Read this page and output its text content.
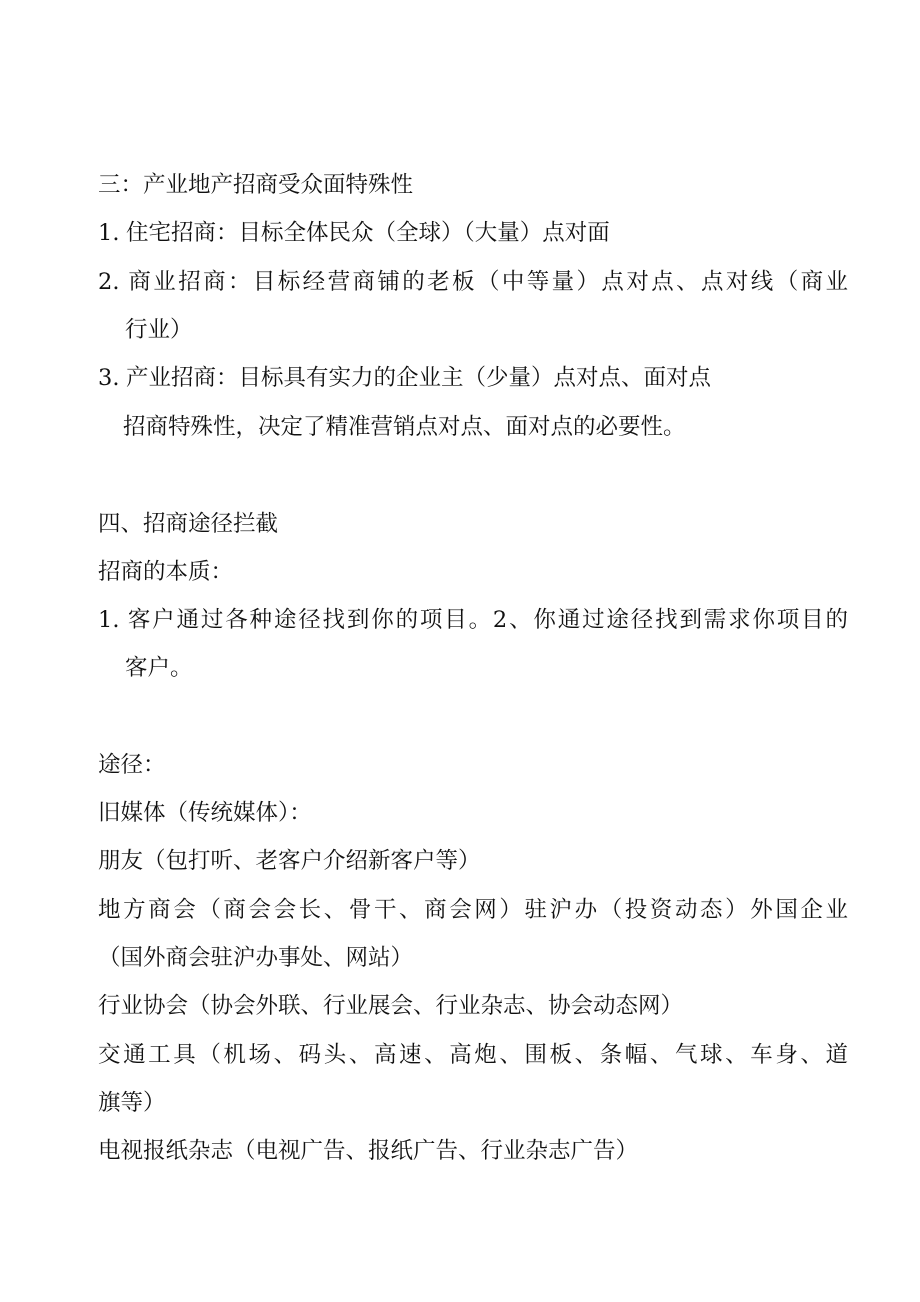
三：产业地产招商受众面特殊性
1. 住宅招商：目标全体民众（全球）（大量）点对面
2. 商业招商：目标经营商铺的老板（中等量）点对点、点对线（商业
行业）
3. 产业招商：目标具有实力的企业主（少量）点对点、面对点
招商特殊性，决定了精准营销点对点、面对点的必要性。
四、招商途径拦截
招商的本质：
1. 客户通过各种途径找到你的项目。2、你通过途径找到需求你项目的
客户。
途径：
旧媒体（传统媒体）：
朋友（包打听、老客户介绍新客户等）
地方商会（商会会长、骨干、商会网）驻沪办（投资动态）外国企业
（国外商会驻沪办事处、网站）
行业协会（协会外联、行业展会、行业杂志、协会动态网）
交通工具（机场、码头、高速、高炮、围板、条幅、气球、车身、道
旗等）
电视报纸杂志（电视广告、报纸广告、行业杂志广告）
